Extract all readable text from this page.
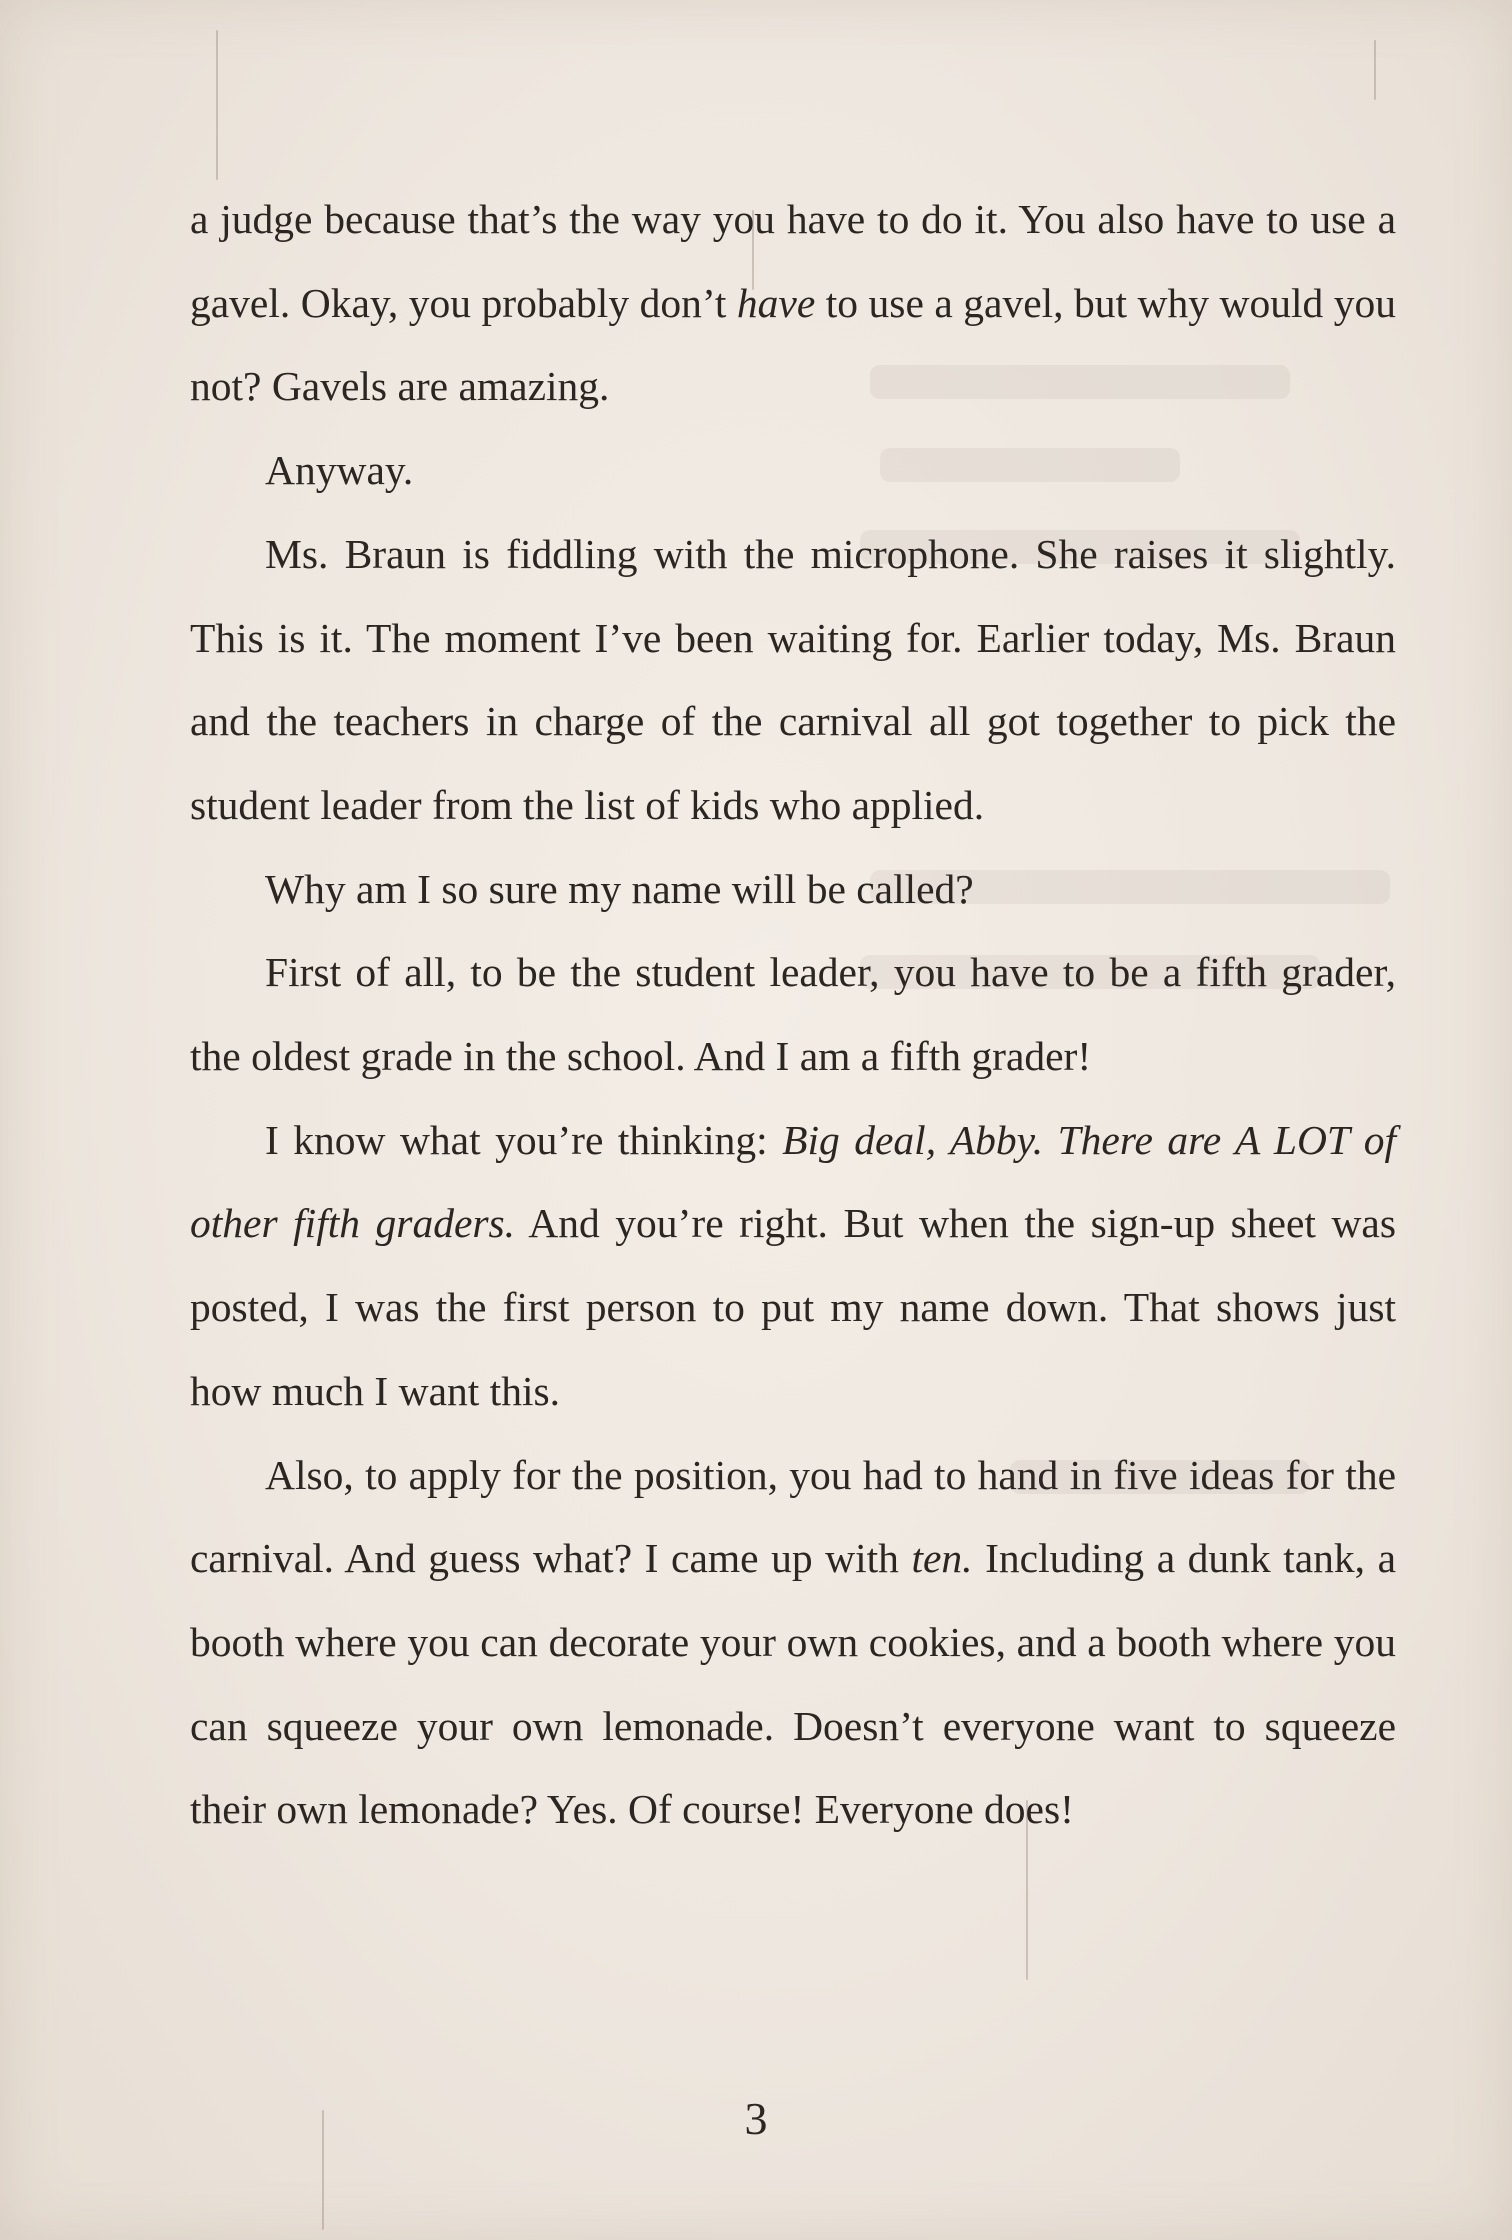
a judge because that’s the way you have to do it. You also have to use a gavel. Okay, you probably don’t have to use a gavel, but why would you not? Gavels are amazing.

Anyway.

Ms. Braun is fiddling with the microphone. She raises it slightly. This is it. The moment I’ve been waiting for. Earlier today, Ms. Braun and the teachers in charge of the carnival all got together to pick the student leader from the list of kids who applied.

Why am I so sure my name will be called?

First of all, to be the student leader, you have to be a fifth grader, the oldest grade in the school. And I am a fifth grader!

I know what you’re thinking: Big deal, Abby. There are A LOT of other fifth graders. And you’re right. But when the sign-up sheet was posted, I was the first person to put my name down. That shows just how much I want this.

Also, to apply for the position, you had to hand in five ideas for the carnival. And guess what? I came up with ten. Including a dunk tank, a booth where you can decorate your own cookies, and a booth where you can squeeze your own lemonade. Doesn’t everyone want to squeeze their own lemonade? Yes. Of course! Everyone does!

3
